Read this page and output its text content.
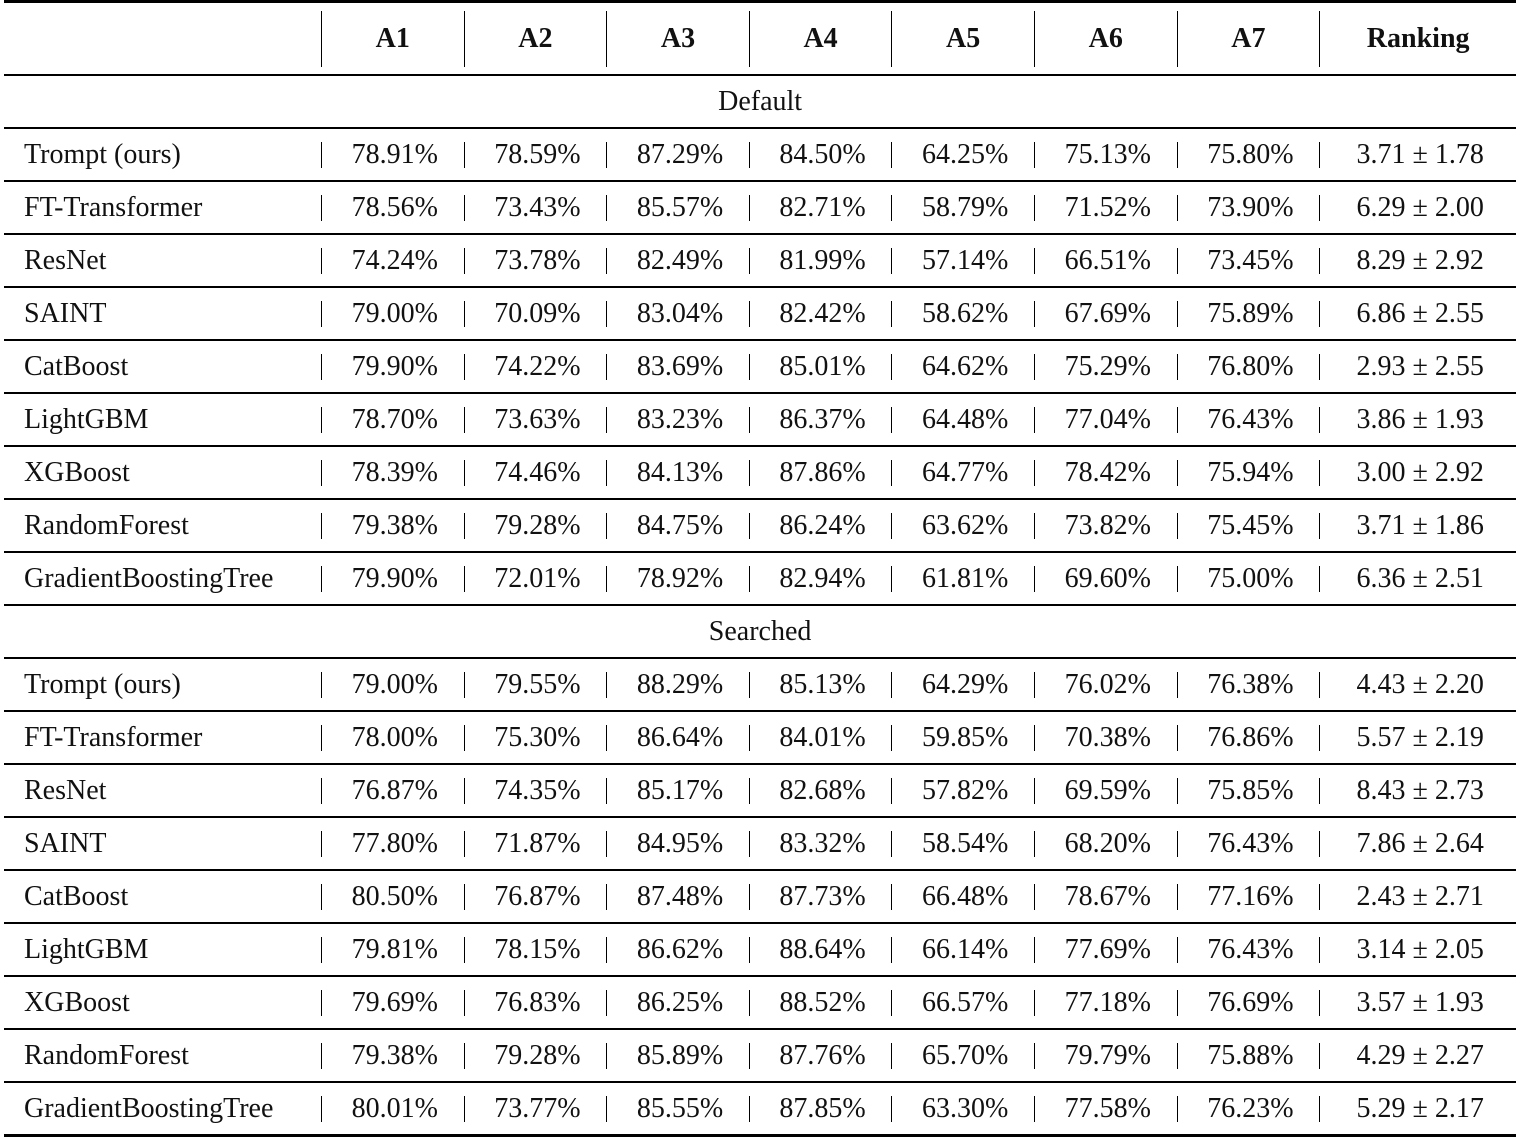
	A1	A2	A3	A4	A5	A6	A7	Ranking

Default								

Trompt (ours)	78.91%	78.59%	87.29%	84.50%	64.25%	75.13%	75.80%	3.71 ± 1.78

FT-Transformer	78.56%	73.43%	85.57%	82.71%	58.79%	71.52%	73.90%	6.29 ± 2.00

ResNet	74.24%	73.78%	82.49%	81.99%	57.14%	66.51%	73.45%	8.29 ± 2.92

SAINT	79.00%	70.09%	83.04%	82.42%	58.62%	67.69%	75.89%	6.86 ± 2.55

CatBoost	79.90%	74.22%	83.69%	85.01%	64.62%	75.29%	76.80%	2.93 ± 2.55

LightGBM	78.70%	73.63%	83.23%	86.37%	64.48%	77.04%	76.43%	3.86 ± 1.93

XGBoost	78.39%	74.46%	84.13%	87.86%	64.77%	78.42%	75.94%	3.00 ± 2.92

RandomForest	79.38%	79.28%	84.75%	86.24%	63.62%	73.82%	75.45%	3.71 ± 1.86

GradientBoostingTree	79.90%	72.01%	78.92%	82.94%	61.81%	69.60%	75.00%	6.36 ± 2.51

Searched								

Trompt (ours)	79.00%	79.55%	88.29%	85.13%	64.29%	76.02%	76.38%	4.43 ± 2.20

FT-Transformer	78.00%	75.30%	86.64%	84.01%	59.85%	70.38%	76.86%	5.57 ± 2.19

ResNet	76.87%	74.35%	85.17%	82.68%	57.82%	69.59%	75.85%	8.43 ± 2.73

SAINT	77.80%	71.87%	84.95%	83.32%	58.54%	68.20%	76.43%	7.86 ± 2.64

CatBoost	80.50%	76.87%	87.48%	87.73%	66.48%	78.67%	77.16%	2.43 ± 2.71

LightGBM	79.81%	78.15%	86.62%	88.64%	66.14%	77.69%	76.43%	3.14 ± 2.05

XGBoost	79.69%	76.83%	86.25%	88.52%	66.57%	77.18%	76.69%	3.57 ± 1.93

RandomForest	79.38%	79.28%	85.89%	87.76%	65.70%	79.79%	75.88%	4.29 ± 2.27

GradientBoostingTree	80.01%	73.77%	85.55%	87.85%	63.30%	77.58%	76.23%	5.29 ± 2.17
